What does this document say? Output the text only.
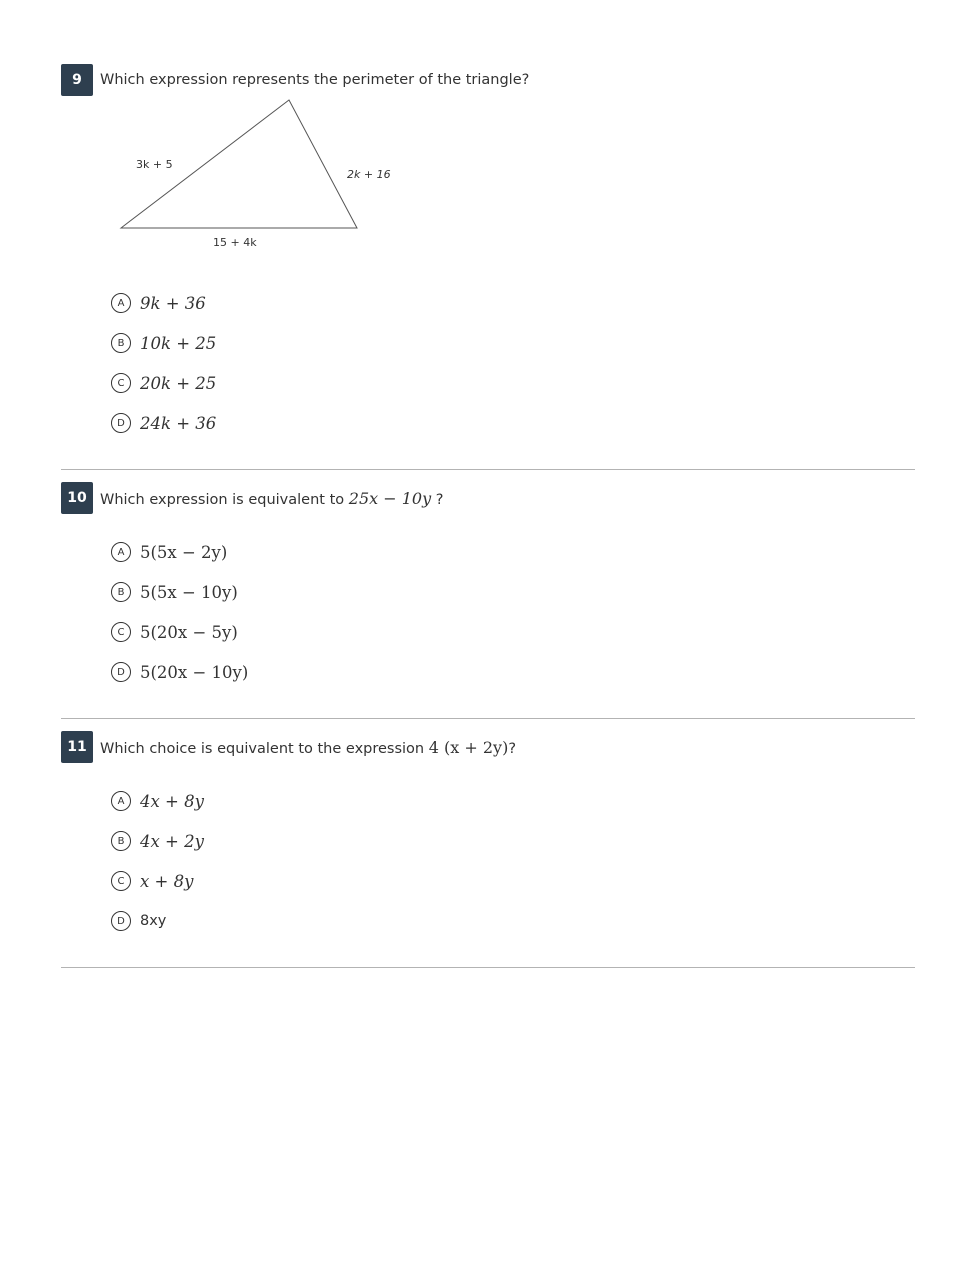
9	Which expression represents the perimeter of the triangle?
3k + 5
2k + 16
15 + 4k
A 9k + 36
B 10k + 25
C 20k + 25
D 24k + 36
10 Which expression is equivalent to 25x − 10y ?
A 5(5x − 2y)
B 5(5x − 10y)
C 5(20x − 5y)
D 5(20x − 10y)
11 Which choice is equivalent to the expression 4 (x + 2y)?
A 4x + 8y
B 4x + 2y
C x + 8y
D	8xy
